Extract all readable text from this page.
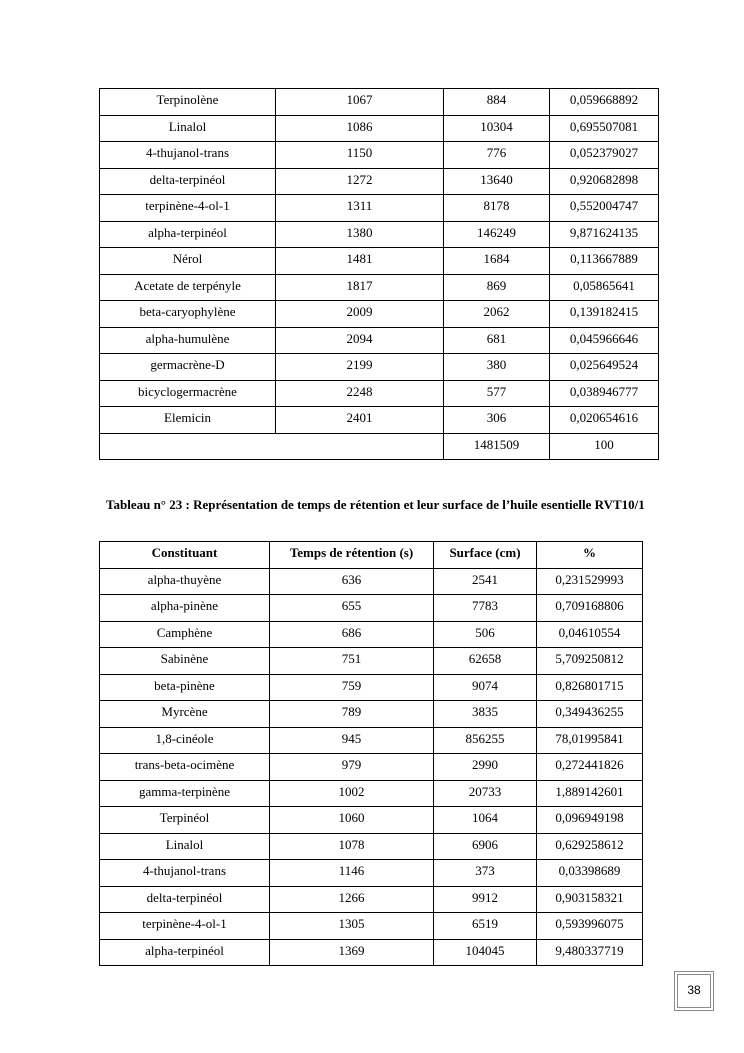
Terpinolène	1067	884	0,059668892
Linalol	1086	10304	0,695507081
4-thujanol-trans	1150	776	0,052379027
delta-terpinéol	1272	13640	0,920682898
terpinène-4-ol-1	1311	8178	0,552004747
alpha-terpinéol	1380	146249	9,871624135
Nérol	1481	1684	0,113667889
Acetate de terpényle	1817	869	0,05865641
beta-caryophylène	2009	2062	0,139182415
alpha-humulène	2094	681	0,045966646
germacrène-D	2199	380	0,025649524
bicyclogermacrène	2248	577	0,038946777
Elemicin	2401	306	0,020654616
		1481509	100
Tableau n° 23 : Représentation de temps de rétention et leur surface de l’huile esentielle RVT10/1
Constituant	Temps de rétention (s)	Surface (cm)	%
alpha-thuyène	636	2541	0,231529993
alpha-pinène	655	7783	0,709168806
Camphène	686	506	0,04610554
Sabinène	751	62658	5,709250812
beta-pinène	759	9074	0,826801715
Myrcène	789	3835	0,349436255
1,8-cinéole	945	856255	78,01995841
trans-beta-ocimène	979	2990	0,272441826
gamma-terpinène	1002	20733	1,889142601
Terpinéol	1060	1064	0,096949198
Linalol	1078	6906	0,629258612
4-thujanol-trans	1146	373	0,03398689
delta-terpinéol	1266	9912	0,903158321
terpinène-4-ol-1	1305	6519	0,593996075
alpha-terpinéol	1369	104045	9,480337719
38
